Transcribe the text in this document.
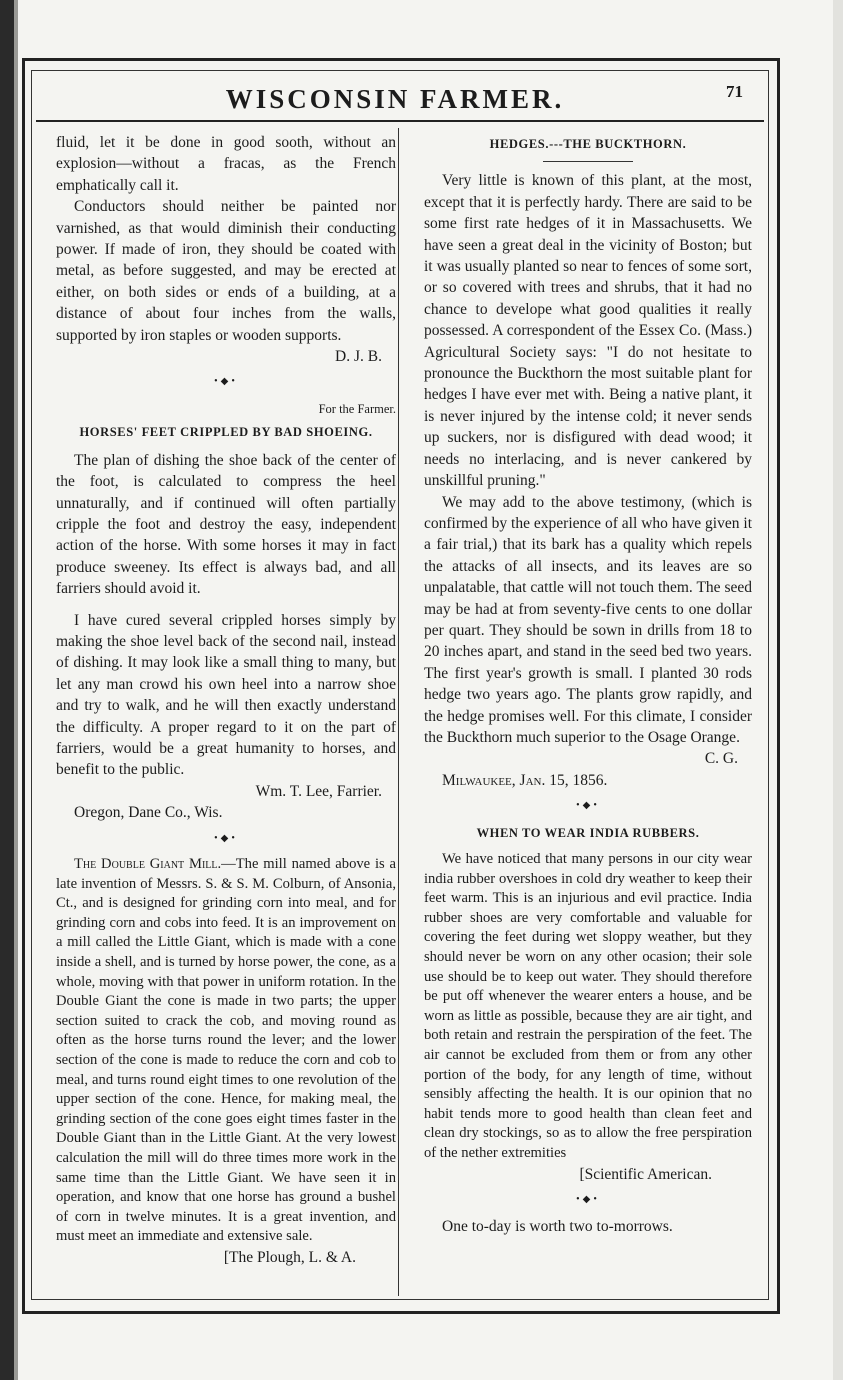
WISCONSIN FARMER.	71

fluid, let it be done in good sooth, without an explosion—without a fracas, as the French emphatically call it.

Conductors should neither be painted nor varnished, as that would diminish their conducting power. If made of iron, they should be coated with metal, as before suggested, and may be erected at either, on both sides or ends of a building, at a distance of about four inches from the walls, supported by iron staples or wooden supports.

D. J. B.

•◆•

For the Farmer.

HORSES' FEET CRIPPLED BY BAD SHOEING.

The plan of dishing the shoe back of the center of the foot, is calculated to compress the heel unnaturally, and if continued will often partially cripple the foot and destroy the easy, independent action of the horse. With some horses it may in fact produce sweeney. Its effect is always bad, and all farriers should avoid it.

I have cured several crippled horses simply by making the shoe level back of the second nail, instead of dishing. It may look like a small thing to many, but let any man crowd his own heel into a narrow shoe and try to walk, and he will then exactly understand the difficulty. A proper regard to it on the part of farriers, would be a great humanity to horses, and benefit to the public.

Wm. T. Lee, Farrier.

Oregon, Dane Co., Wis.

•◆•

The Double Giant Mill.—The mill named above is a late invention of Messrs. S. & S. M. Colburn, of Ansonia, Ct., and is designed for grinding corn into meal, and for grinding corn and cobs into feed. It is an improvement on a mill called the Little Giant, which is made with a cone inside a shell, and is turned by horse power, the cone, as a whole, moving with that power in uniform rotation. In the Double Giant the cone is made in two parts; the upper section suited to crack the cob, and moving round as often as the horse turns round the lever; and the lower section of the cone is made to reduce the corn and cob to meal, and turns round eight times to one revolution of the upper section of the cone. Hence, for making meal, the grinding section of the cone goes eight times faster in the Double Giant than in the Little Giant. At the very lowest calculation the mill will do three times more work in the same time than the Little Giant. We have seen it in operation, and know that one horse has ground a bushel of corn in twelve minutes. It is a great invention, and must meet an immediate and extensive sale.

[The Plough, L. & A.

HEDGES.---THE BUCKTHORN.

Very little is known of this plant, at the most, except that it is perfectly hardy. There are said to be some first rate hedges of it in Massachusetts. We have seen a great deal in the vicinity of Boston; but it was usually planted so near to fences of some sort, or so covered with trees and shrubs, that it had no chance to develope what good qualities it really possessed. A correspondent of the Essex Co. (Mass.) Agricultural Society says: "I do not hesitate to pronounce the Buckthorn the most suitable plant for hedges I have ever met with. Being a native plant, it is never injured by the intense cold; it never sends up suckers, nor is disfigured with dead wood; it needs no interlacing, and is never cankered by unskillful pruning."

We may add to the above testimony, (which is confirmed by the experience of all who have given it a fair trial,) that its bark has a quality which repels the attacks of all insects, and its leaves are so unpalatable, that cattle will not touch them. The seed may be had at from seventy-five cents to one dollar per quart. They should be sown in drills from 18 to 20 inches apart, and stand in the seed bed two years. The first year's growth is small. I planted 30 rods hedge two years ago. The plants grow rapidly, and the hedge promises well. For this climate, I consider the Buckthorn much superior to the Osage Orange.

C. G.

Milwaukee, Jan. 15, 1856.

•◆•
WHEN TO WEAR INDIA RUBBERS.

We have noticed that many persons in our city wear india rubber overshoes in cold dry weather to keep their feet warm. This is an injurious and evil practice. India rubber shoes are very comfortable and valuable for covering the feet during wet sloppy weather, but they should never be worn on any other ocasion; their sole use should be to keep out water. They should therefore be put off whenever the wearer enters a house, and be worn as little as possible, because they are air tight, and both retain and restrain the perspiration of the feet. The air cannot be excluded from them or from any other portion of the body, for any length of time, without sensibly affecting the health. It is our opinion that no habit tends more to good health than clean feet and clean dry stockings, so as to allow the free perspiration of the nether extremities

[Scientific American.

•◆•

One to-day is worth two to-morrows.
